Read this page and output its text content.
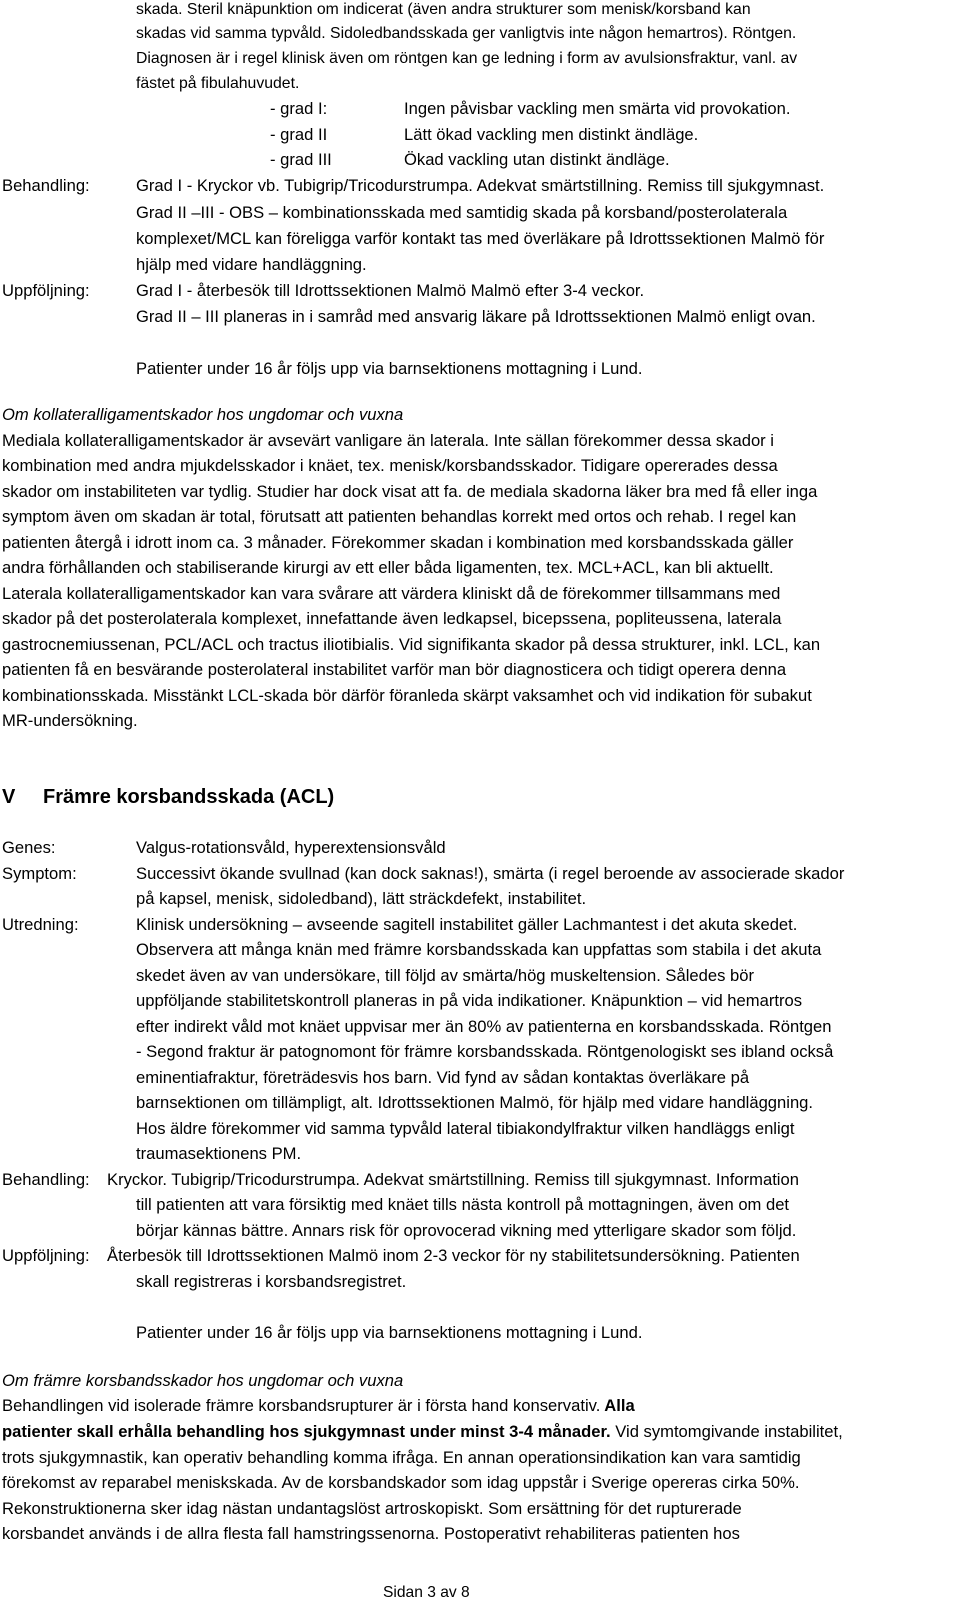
skada. Steril knäpunktion om indicerat (även andra strukturer som menisk/korsband kan
skadas vid samma typvåld. Sidoledbandsskada ger vanligtvis inte någon hemartros). Röntgen.
Diagnosen är i regel klinisk även om röntgen kan ge ledning i form av avulsionsfraktur, vanl. av
fästet på fibulahuvudet.
- grad I:	Ingen påvisbar vackling men smärta vid provokation.
- grad II	Lätt ökad vackling men distinkt ändläge.
- grad III	Ökad vackling utan distinkt ändläge.
Behandling:	Grad I - Kryckor vb. Tubigrip/Tricodurstrumpa. Adekvat smärtstillning. Remiss till sjukgymnast.
Grad II –III - OBS – kombinationsskada med samtidig skada på korsband/posterolaterala
komplexet/MCL kan föreligga varför kontakt tas med överläkare på Idrottssektionen Malmö för
hjälp med vidare handläggning.
Uppföljning:	Grad I - återbesök till Idrottssektionen Malmö Malmö efter 3-4 veckor.
Grad II – III planeras in i samråd med ansvarig läkare på Idrottssektionen Malmö enligt ovan.
Patienter under 16 år följs upp via barnsektionens mottagning i Lund.
Om kollateralligamentskador hos ungdomar och vuxna
Mediala kollateralligamentskador är avsevärt vanligare än laterala. Inte sällan förekommer dessa skador i
kombination med andra mjukdelsskador i knäet, tex. menisk/korsbandsskador. Tidigare opererades dessa
skador om instabiliteten var tydlig. Studier har dock visat att fa. de mediala skadorna läker bra med få eller inga
symptom även om skadan är total, förutsatt att patienten behandlas korrekt med ortos och rehab. I regel kan
patienten återgå i idrott inom ca. 3 månader. Förekommer skadan i kombination med korsbandsskada gäller
andra förhållanden och stabiliserande kirurgi av ett eller båda ligamenten, tex. MCL+ACL, kan bli aktuellt.
Laterala kollateralligamentskador kan vara svårare att värdera kliniskt då de förekommer tillsammans med
skador på det posterolaterala komplexet, innefattande även ledkapsel, bicepssena, popliteussena, laterala
gastrocnemiussenan, PCL/ACL och tractus iliotibialis. Vid signifikanta skador på dessa strukturer, inkl. LCL, kan
patienten få en besvärande posterolateral instabilitet varför man bör diagnosticera och tidigt operera denna
kombinationsskada. Misstänkt LCL-skada bör därför föranleda skärpt vaksamhet och vid indikation för subakut
MR-undersökning.
V Främre korsbandsskada (ACL)
Genes:	Valgus-rotationsvåld, hyperextensionsvåld
Symptom:	Successivt ökande svullnad (kan dock saknas!), smärta (i regel beroende av associerade skador
på kapsel, menisk, sidoledband), lätt sträckdefekt, instabilitet.
Utredning:	Klinisk undersökning – avseende sagitell instabilitet gäller Lachmantest i det akuta skedet.
Observera att många knän med främre korsbandsskada kan uppfattas som stabila i det akuta
skedet även av van undersökare, till följd av smärta/hög muskeltension. Således bör
uppföljande stabilitetskontroll planeras in på vida indikationer. Knäpunktion – vid hemartros
efter indirekt våld mot knäet uppvisar mer än 80% av patienterna en korsbandsskada. Röntgen
- Segond fraktur är patognomont för främre korsbandsskada. Röntgenologiskt ses ibland också
eminentiafraktur, företrädesvis hos barn. Vid fynd av sådan kontaktas överläkare på
barnsektionen om tillämpligt, alt. Idrottssektionen Malmö, för hjälp med vidare handläggning.
Hos äldre förekommer vid samma typvåld lateral tibiakondylfraktur vilken handläggs enligt
traumasektionens PM.
Behandling: Kryckor. Tubigrip/Tricodurstrumpa. Adekvat smärtstillning. Remiss till sjukgymnast. Information
till patienten att vara försiktig med knäet tills nästa kontroll på mottagningen, även om det
börjar kännas bättre. Annars risk för oprovocerad vikning med ytterligare skador som följd.
Uppföljning: Återbesök till Idrottssektionen Malmö inom 2-3 veckor för ny stabilitetsundersökning. Patienten
skall registreras i korsbandsregistret.
Patienter under 16 år följs upp via barnsektionens mottagning i Lund.
Om främre korsbandsskador hos ungdomar och vuxna
Behandlingen vid isolerade främre korsbandsrupturer är i första hand konservativ. Alla
patienter skall erhålla behandling hos sjukgymnast under minst 3-4 månader. Vid symtomgivande instabilitet,
trots sjukgymnastik, kan operativ behandling komma ifråga. En annan operationsindikation kan vara samtidig
förekomst av reparabel meniskskada. Av de korsbandskador som idag uppstår i Sverige opereras cirka 50%.
Rekonstruktionerna sker idag nästan undantagslöst artroskopiskt. Som ersättning för det rupturerade
korsbandet används i de allra flesta fall hamstringssenorna. Postoperativt rehabiliteras patienten hos
Sidan 3 av 8
